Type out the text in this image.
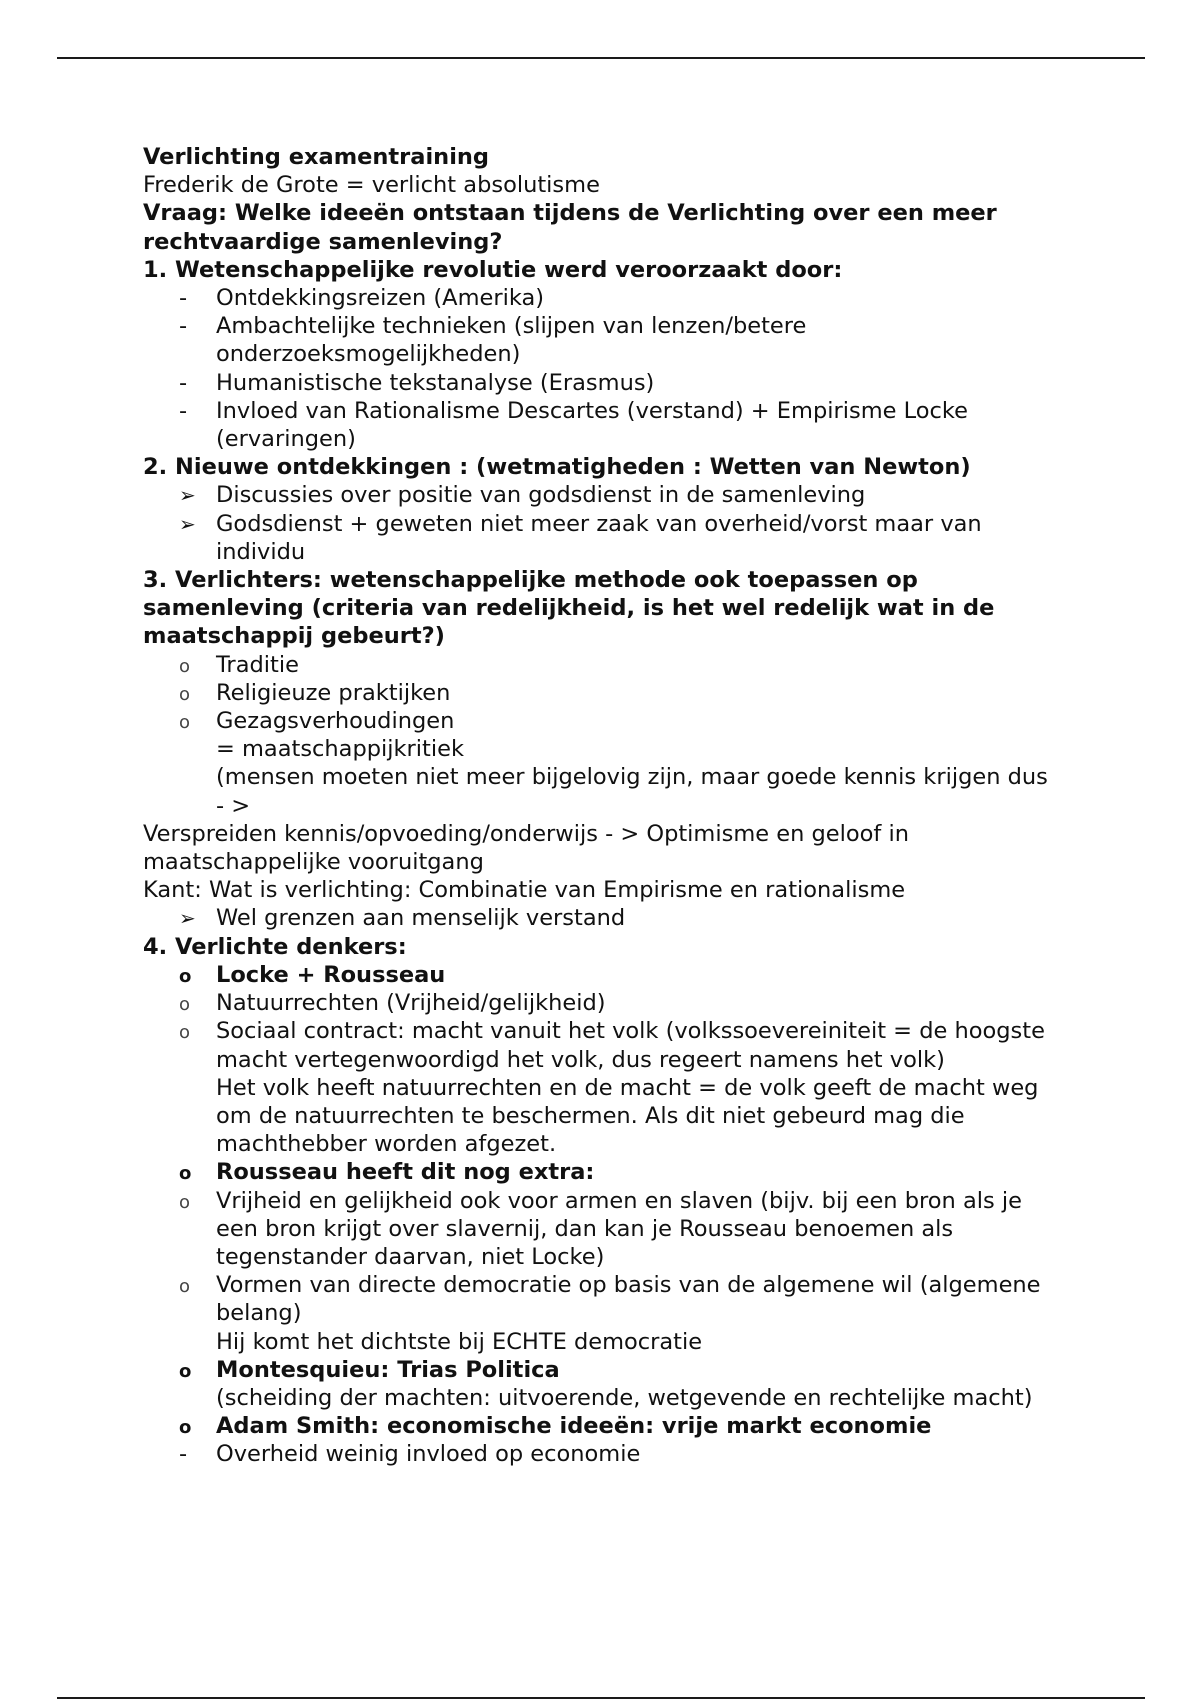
Verlichting examentraining

Frederik de Grote = verlicht absolutisme

Vraag: Welke ideeën ontstaan tijdens de Verlichting over een meer rechtvaardige samenleving?

1. Wetenschappelijke revolutie werd veroorzaakt door:

-
Ontdekkingsreizen (Amerika)
-
Ambachtelijke technieken (slijpen van lenzen/betere onderzoeksmogelijkheden)
-
Humanistische tekstanalyse (Erasmus)
-
Invloed van Rationalisme Descartes (verstand) + Empirisme Locke (ervaringen)

2. Nieuwe ontdekkingen : (wetmatigheden : Wetten van Newton)

➢
Discussies over positie van godsdienst in de samenleving
➢
Godsdienst + geweten niet meer zaak van overheid/vorst maar van individu

3. Verlichters: wetenschappelijke methode ook toepassen op samenleving (criteria van redelijkheid, is het wel redelijk wat in de maatschappij gebeurt?)

o
Traditie
o
Religieuze praktijken
o
Gezagsverhoudingen

= maatschappijkritiek

(mensen moeten niet meer bijgelovig zijn, maar goede kennis krijgen dus - >

Verspreiden kennis/opvoeding/onderwijs - > Optimisme en geloof in maatschappelijke vooruitgang

Kant: Wat is verlichting: Combinatie van Empirisme en rationalisme

➢
Wel grenzen aan menselijk verstand

4. Verlichte denkers:

o
Locke + Rousseau
o
Natuurrechten (Vrijheid/gelijkheid)
o
Sociaal contract: macht vanuit het volk (volkssoevereiniteit = de hoogste macht vertegenwoordigd het volk, dus regeert namens het volk)

Het volk heeft natuurrechten en de macht = de volk geeft de macht weg om de natuurrechten te beschermen. Als dit niet gebeurd mag die machthebber worden afgezet.

o
Rousseau heeft dit nog extra:
o
Vrijheid en gelijkheid ook voor armen en slaven (bijv. bij een bron als je een bron krijgt over slavernij, dan kan je Rousseau benoemen als tegenstander daarvan, niet Locke)
o
Vormen van directe democratie op basis van de algemene wil (algemene belang)

Hij komt het dichtste bij ECHTE democratie

o
Montesquieu: Trias Politica

(scheiding der machten: uitvoerende, wetgevende en rechtelijke macht)

o
Adam Smith: economische ideeën: vrije markt economie
-
Overheid weinig invloed op economie
